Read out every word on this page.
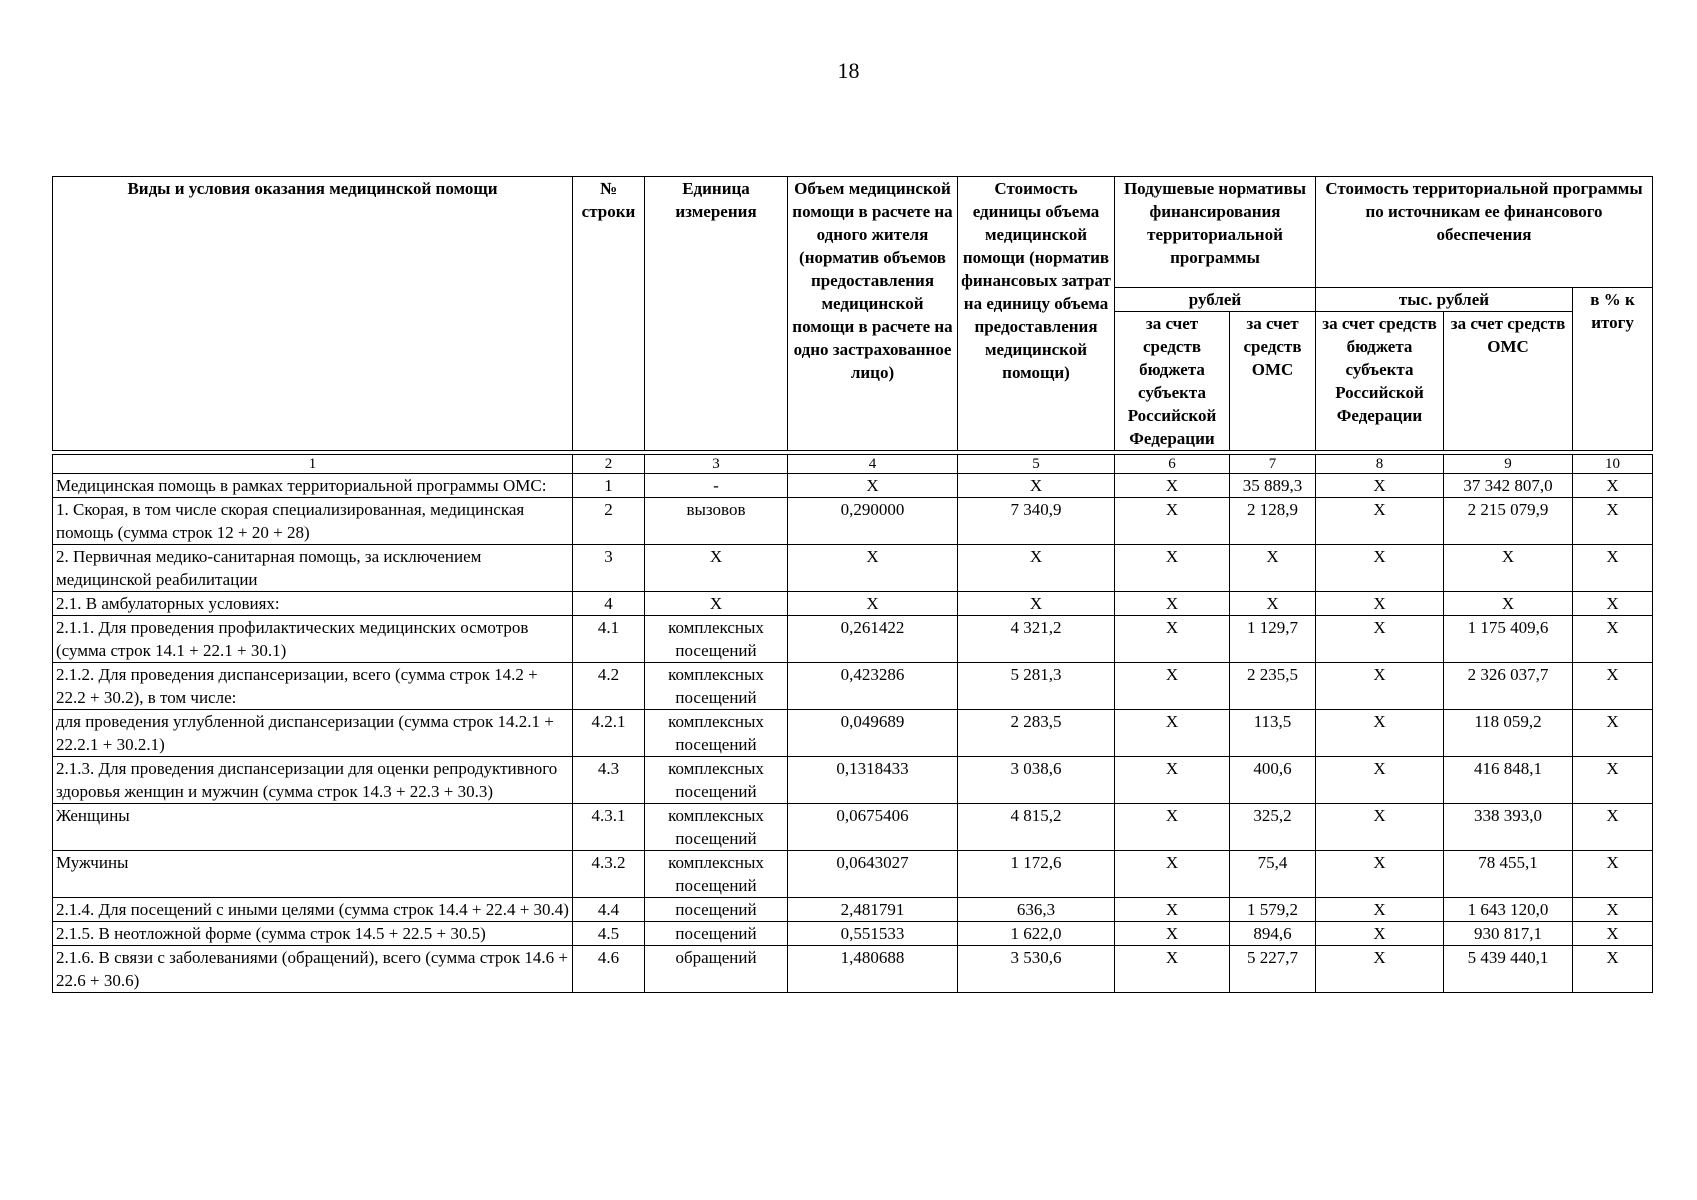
18
Виды и условия оказания медицинской помощи	№ строки	Единица измерения	Объем медицинской помощи в расчете на одного жителя (норматив объемов предоставления медицинской помощи в расчете на одно застрахованное лицо)	Стоимость единицы объема медицинской помощи (норматив финансовых затрат на единицу объема предоставления медицинской помощи)	Подушевые нормативы финансирования территориальной программы		Стоимость территориальной программы по источникам ее финансового обеспечения		
					рублей		тыс. рублей		в % к итогу
					за счет средств бюджета субъекта Российской Федерации	за счет средств ОМС	за счет средств бюджета субъекта Российской Федерации	за счет средств ОМС	

1	2	3	4	5	6	7	8	9	10
Медицинская помощь в рамках территориальной программы ОМС:	1	-	X	X	X	35 889,3	X	37 342 807,0	X
1. Скорая, в том числе скорая специализированная, медицинская помощь (сумма строк 12 + 20 + 28)	2	вызовов	0,290000	7 340,9	X	2 128,9	X	2 215 079,9	X
2. Первичная медико-санитарная помощь, за исключением медицинской реабилитации	3	X	X	X	X	X	X	X	X
2.1. В амбулаторных условиях:	4	X	X	X	X	X	X	X	X
2.1.1. Для проведения профилактических медицинских осмотров (сумма строк 14.1 + 22.1 + 30.1)	4.1	комплексных посещений	0,261422	4 321,2	X	1 129,7	X	1 175 409,6	X
2.1.2. Для проведения диспансеризации, всего (сумма строк 14.2 + 22.2 + 30.2), в том числе:	4.2	комплексных посещений	0,423286	5 281,3	X	2 235,5	X	2 326 037,7	X
для проведения углубленной диспансеризации (сумма строк 14.2.1 + 22.2.1 + 30.2.1)	4.2.1	комплексных посещений	0,049689	2 283,5	X	113,5	X	118 059,2	X
2.1.3. Для проведения диспансеризации для оценки репродуктивного здоровья женщин и мужчин (сумма строк 14.3 + 22.3 + 30.3)	4.3	комплексных посещений	0,1318433	3 038,6	X	400,6	X	416 848,1	X
Женщины	4.3.1	комплексных посещений	0,0675406	4 815,2	X	325,2	X	338 393,0	X
Мужчины	4.3.2	комплексных посещений	0,0643027	1 172,6	X	75,4	X	78 455,1	X
2.1.4. Для посещений с иными целями (сумма строк 14.4 + 22.4 + 30.4)	4.4	посещений	2,481791	636,3	X	1 579,2	X	1 643 120,0	X
2.1.5. В неотложной форме (сумма строк 14.5 + 22.5 + 30.5)	4.5	посещений	0,551533	1 622,0	X	894,6	X	930 817,1	X
2.1.6. В связи с заболеваниями (обращений), всего (сумма строк 14.6 + 22.6 + 30.6)	4.6	обращений	1,480688	3 530,6	X	5 227,7	X	5 439 440,1	X
